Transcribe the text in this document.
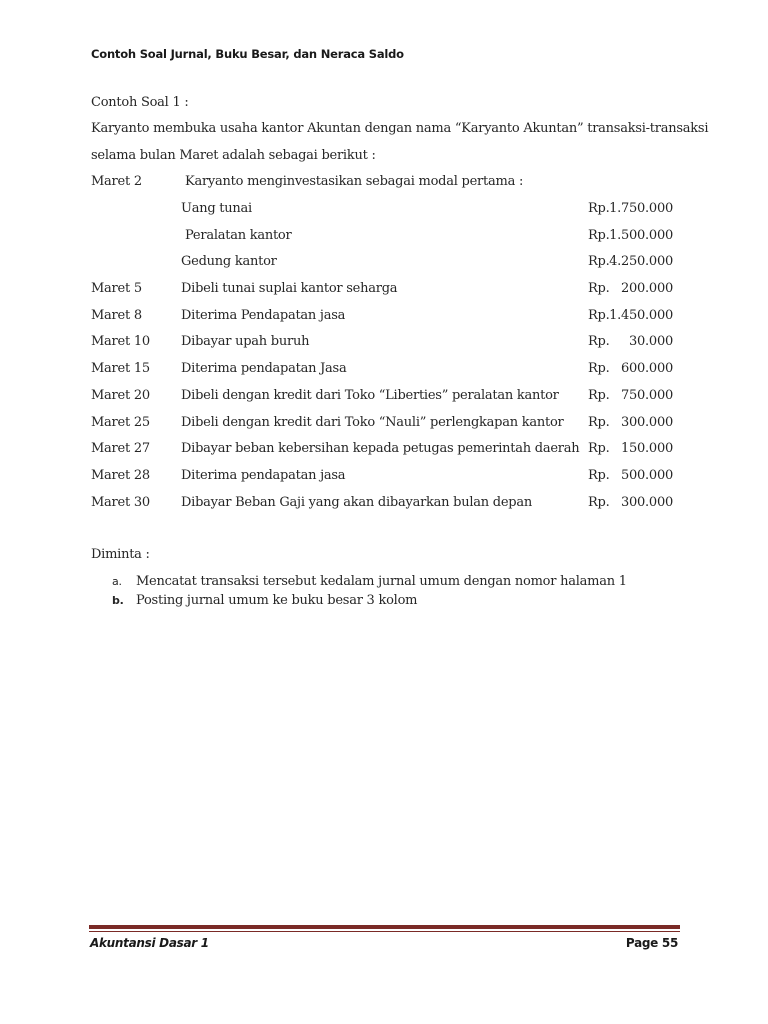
Contoh Soal Jurnal, Buku Besar, dan Neraca Saldo
Contoh Soal 1 :
Karyanto membuka usaha kantor Akuntan dengan nama “Karyanto Akuntan” transaksi-transaksi
selama bulan Maret adalah sebagai berikut :
Maret 2	Karyanto menginvestasikan sebagai modal pertama :
Uang tunai	Rp. 1.750.000
Peralatan kantor	Rp. 1.500.000
Gedung kantor	Rp. 4.250.000
Maret 5	Dibeli tunai suplai kantor seharga	Rp. 200.000
Maret 8	Diterima Pendapatan jasa	Rp. 1.450.000
Maret 10 Dibayar upah buruh	Rp. 30.000
Maret 15 Diterima pendapatan Jasa	Rp. 600.000
Maret 20 Dibeli dengan kredit dari Toko “Liberties” peralatan kantor Rp. 750.000
Maret 25 Dibeli dengan kredit dari Toko “Nauli” perlengkapan kantor Rp. 300.000
Maret 27 Dibayar beban kebersihan kepada petugas pemerintah daerah Rp. 150.000
Maret 28 Diterima pendapatan jasa	Rp. 500.000
Maret 30 Dibayar Beban Gaji yang akan dibayarkan bulan depan	Rp. 300.000
Diminta :
a. Mencatat transaksi tersebut kedalam jurnal umum dengan nomor halaman 1
b. Posting jurnal umum ke buku besar 3 kolom
Akuntansi Dasar 1	Page 55
